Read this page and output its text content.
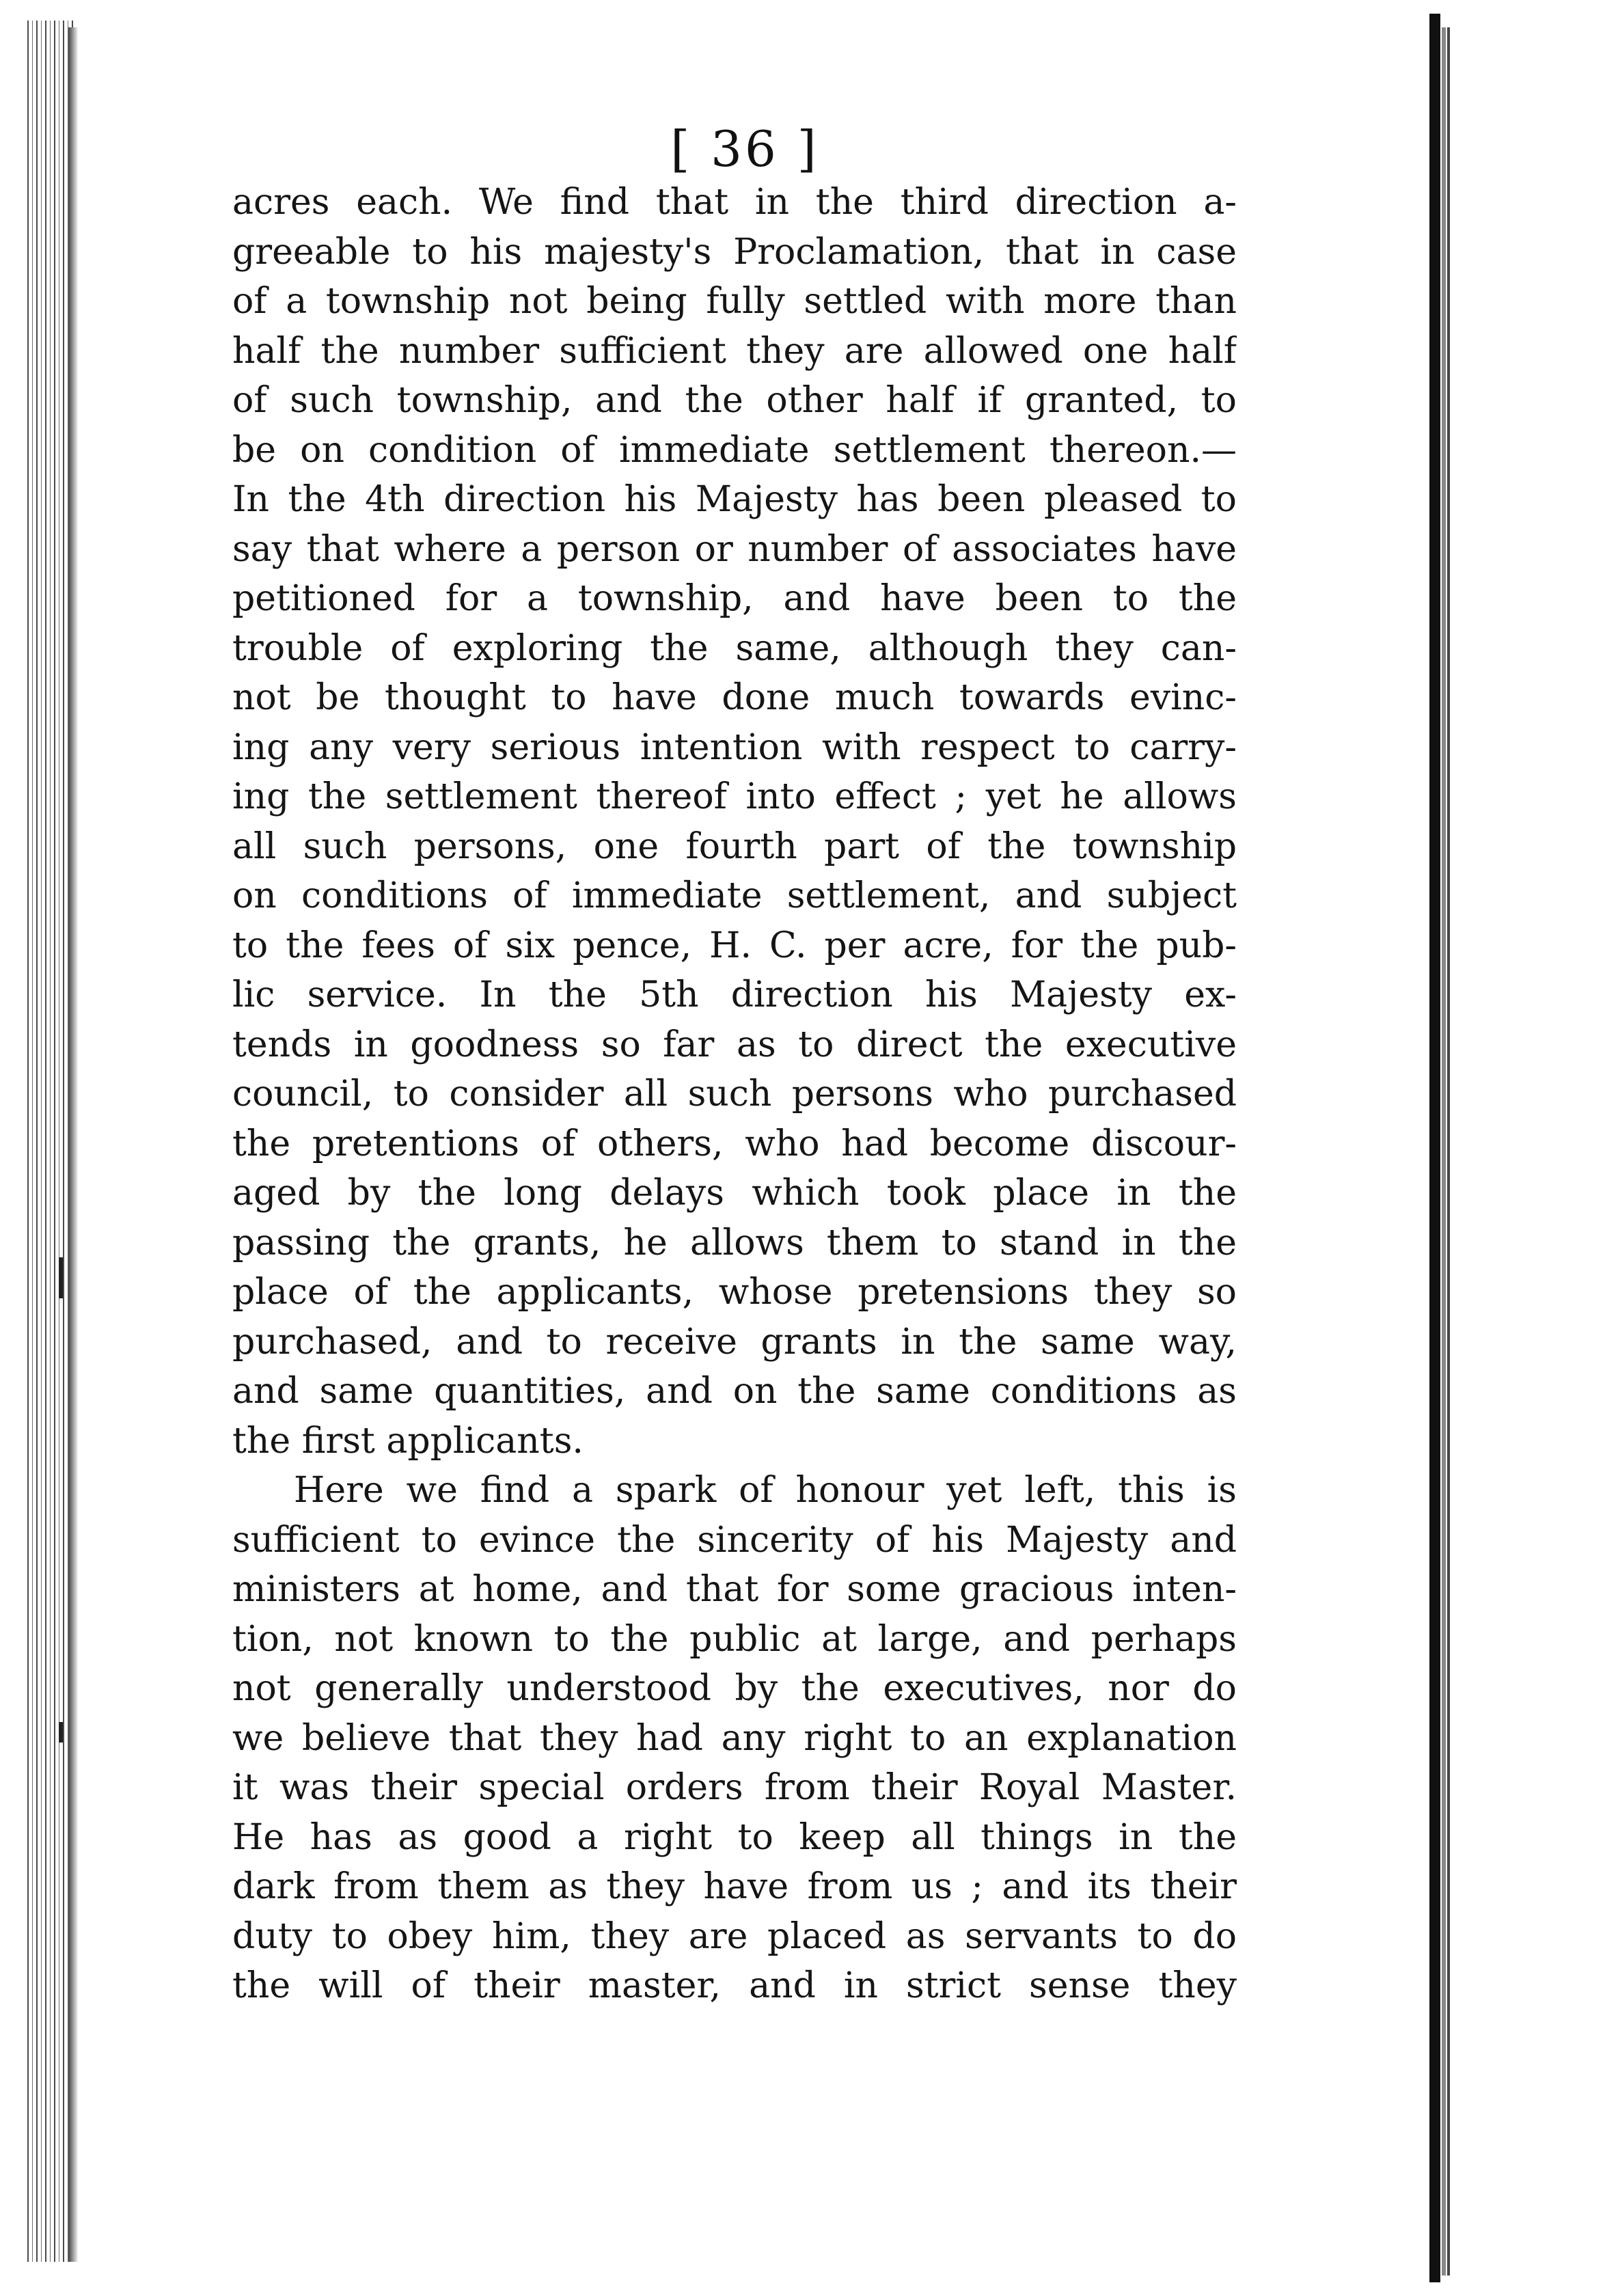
[ 36 ]
acres each. We find that in the third direction a-
greeable to his majesty's Proclamation, that in case
of a township not being fully settled with more than
half the number sufficient they are allowed one half
of such township, and the other half if granted, to
be on condition of immediate settlement thereon.—
In the 4th direction his Majesty has been pleased to
say that where a person or number of associates have
petitioned for a township, and have been to the
trouble of exploring the same, although they can-
not be thought to have done much towards evinc-
ing any very serious intention with respect to carry-
ing the settlement thereof into effect ; yet he allows
all such persons, one fourth part of the township
on conditions of immediate settlement, and subject
to the fees of six pence, H. C. per acre, for the pub-
lic service. In the 5th direction his Majesty ex-
tends in goodness so far as to direct the executive
council, to consider all such persons who purchased
the pretentions of others, who had become discour-
aged by the long delays which took place in the
passing the grants, he allows them to stand in the
place of the applicants, whose pretensions they so
purchased, and to receive grants in the same way,
and same quantities, and on the same conditions as
the first applicants.
Here we find a spark of honour yet left, this is
sufficient to evince the sincerity of his Majesty and
ministers at home, and that for some gracious inten-
tion, not known to the public at large, and perhaps
not generally understood by the executives, nor do
we believe that they had any right to an explanation
it was their special orders from their Royal Master.
He has as good a right to keep all things in the
dark from them as they have from us ; and its their
duty to obey him, they are placed as servants to do
the will of their master, and in strict sense they
